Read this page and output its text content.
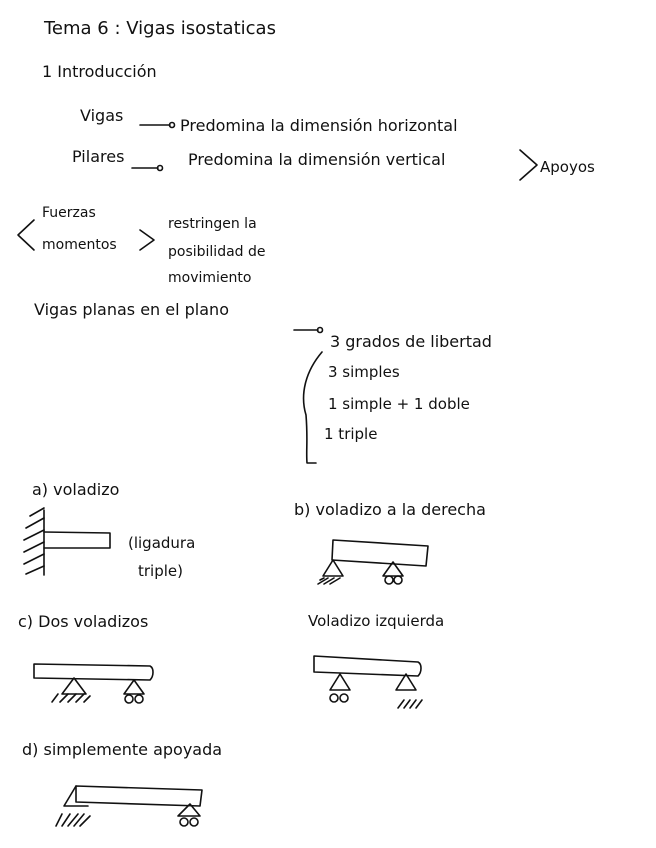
Tema 6 : Vigas isostaticas
1 Introducción
Vigas
Predomina la dimensión horizontal
Pilares	Predomina la dimensión vertical	Apoyos
Fuerzas
momentos
restringen la
posibilidad de
movimiento
Vigas planas en el plano
3 grados de libertad
3 simples
1 simple + 1 doble
1 triple
a) voladizo
(ligadura
triple)
b) voladizo a la derecha
c) Dos voladizos	Voladizo izquierda
d) simplemente apoyada
